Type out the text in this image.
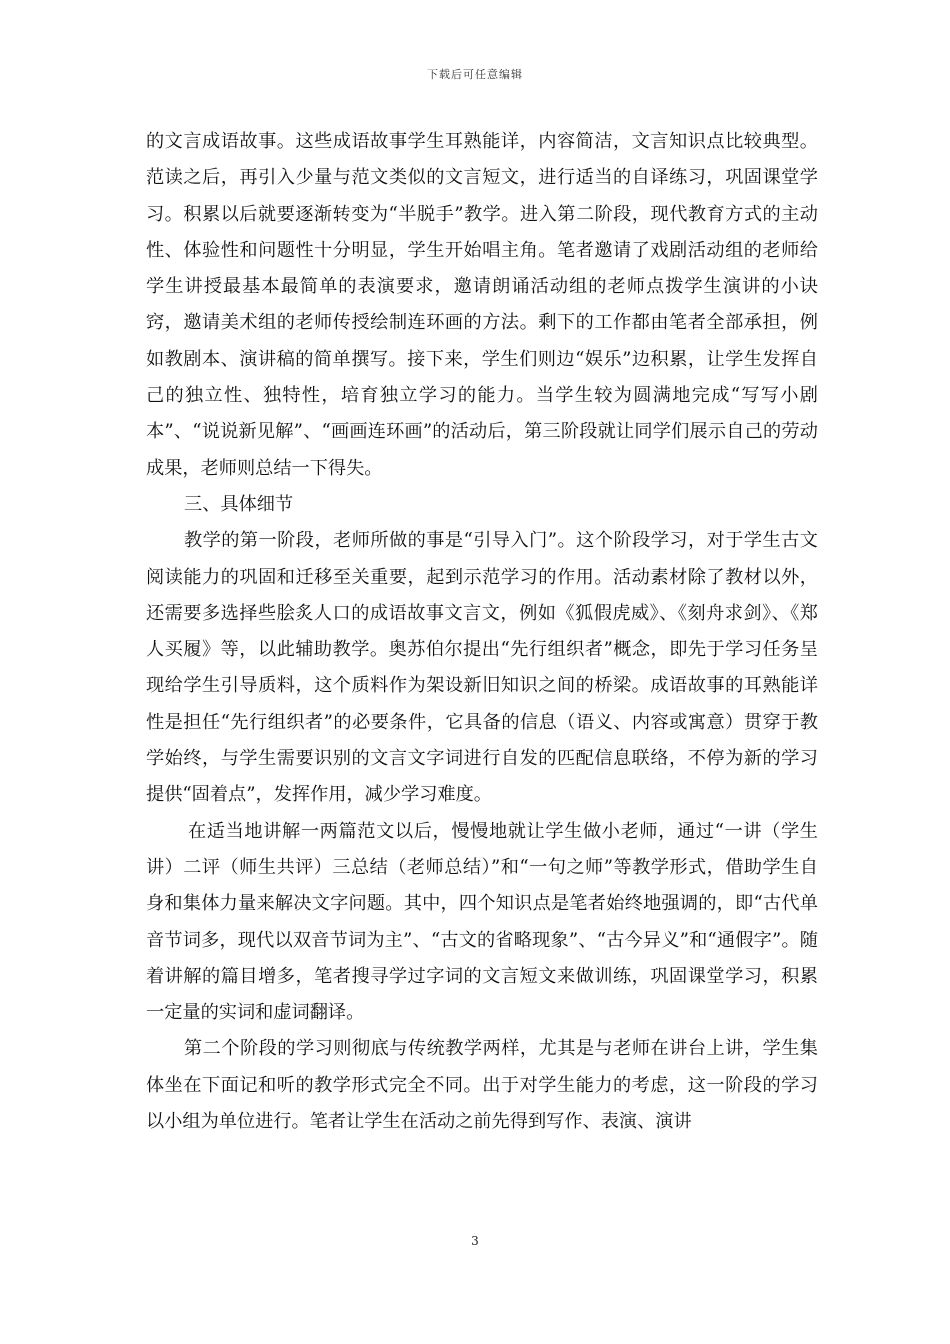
下载后可任意编辑

的文言成语故事。这些成语故事学生耳熟能详，内容简洁，文言知识点比较典型。范读之后，再引入少量与范文类似的文言短文，进行适当的自译练习，巩固课堂学习。积累以后就要逐渐转变为“半脱手”教学。进入第二阶段，现代教育方式的主动性、体验性和问题性十分明显，学生开始唱主角。笔者邀请了戏剧活动组的老师给学生讲授最基本最简单的表演要求，邀请朗诵活动组的老师点拨学生演讲的小诀窍，邀请美术组的老师传授绘制连环画的方法。剩下的工作都由笔者全部承担，例如教剧本、演讲稿的简单撰写。接下来，学生们则边“娱乐”边积累，让学生发挥自己的独立性、独特性，培育独立学习的能力。当学生较为圆满地完成“写写小剧本”、“说说新见解”、“画画连环画”的活动后，第三阶段就让同学们展示自己的劳动成果，老师则总结一下得失。

三、具体细节

教学的第一阶段，老师所做的事是“引导入门”。这个阶段学习，对于学生古文阅读能力的巩固和迁移至关重要，起到示范学习的作用。活动素材除了教材以外，还需要多选择些脍炙人口的成语故事文言文，例如《狐假虎威》、《刻舟求剑》、《郑人买履》等，以此辅助教学。奥苏伯尔提出“先行组织者”概念，即先于学习任务呈现给学生引导质料，这个质料作为架设新旧知识之间的桥梁。成语故事的耳熟能详性是担任“先行组织者”的必要条件，它具备的信息（语义、内容或寓意）贯穿于教学始终，与学生需要识别的文言文字词进行自发的匹配信息联络，不停为新的学习提供“固着点”，发挥作用，减少学习难度。

在适当地讲解一两篇范文以后，慢慢地就让学生做小老师，通过“一讲（学生讲）二评（师生共评）三总结（老师总结）”和“一句之师”等教学形式，借助学生自身和集体力量来解决文字问题。其中，四个知识点是笔者始终地强调的，即“古代单音节词多，现代以双音节词为主”、“古文的省略现象”、“古今异义”和“通假字”。随着讲解的篇目增多，笔者搜寻学过字词的文言短文来做训练，巩固课堂学习，积累一定量的实词和虚词翻译。

第二个阶段的学习则彻底与传统教学两样，尤其是与老师在讲台上讲，学生集体坐在下面记和听的教学形式完全不同。出于对学生能力的考虑，这一阶段的学习以小组为单位进行。笔者让学生在活动之前先得到写作、表演、演讲

3
